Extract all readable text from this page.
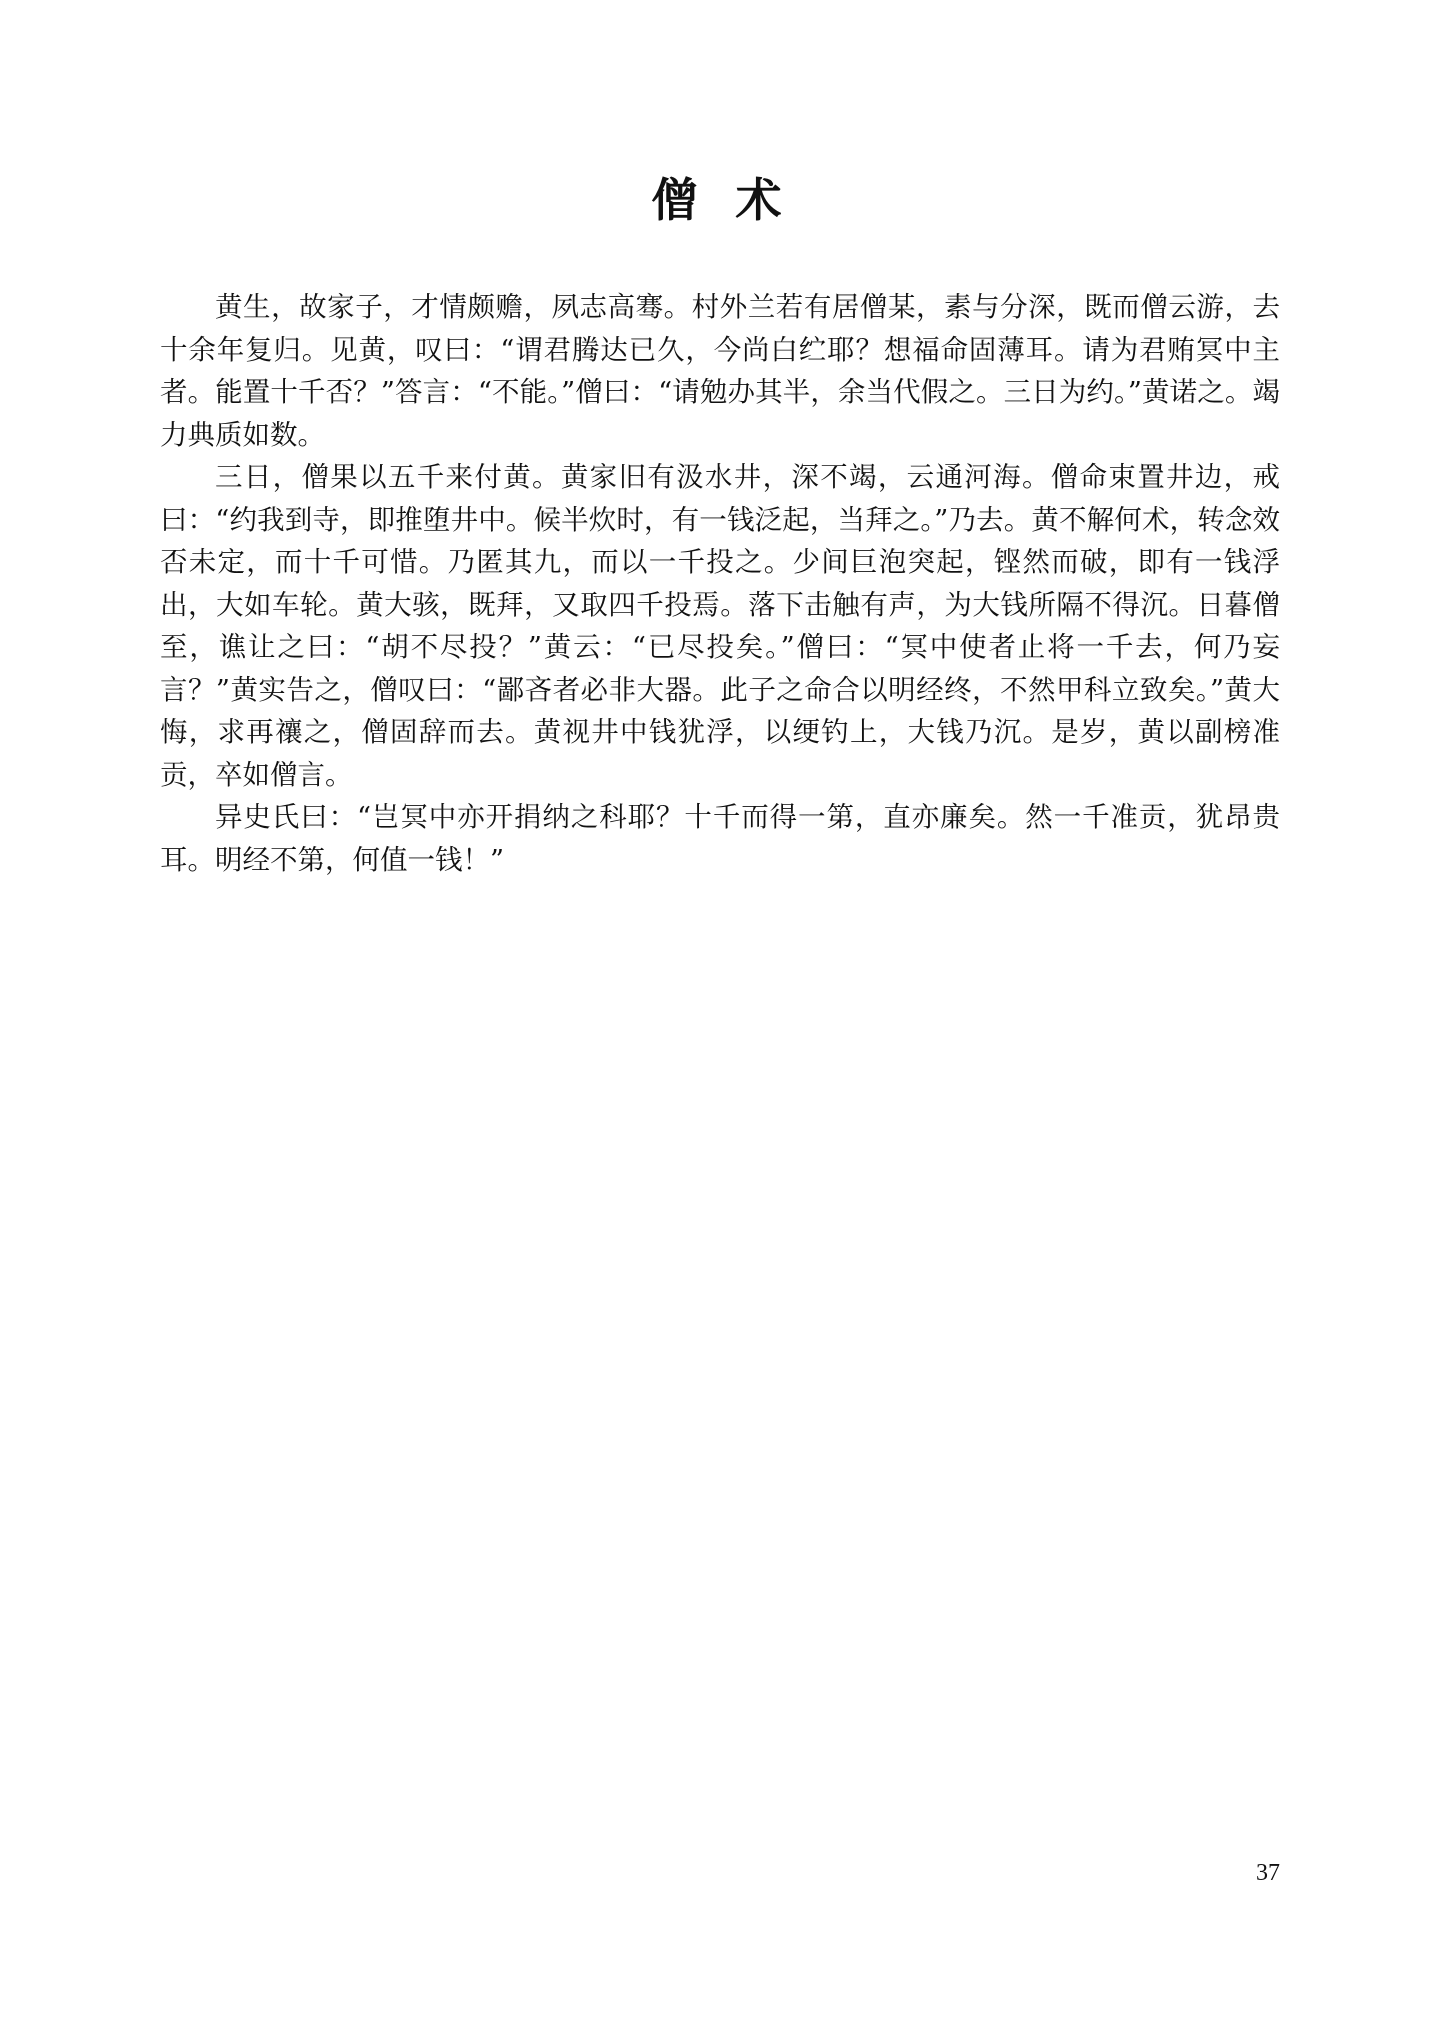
僧术

黄生，故家子，才情颇赡，夙志高骞。村外兰若有居僧某，素与分深，既而僧云游，去十余年复归。见黄，叹曰：“谓君腾达已久，今尚白纻耶？想福命固薄耳。请为君贿冥中主者。能置十千否？”答言：“不能。”僧曰：“请勉办其半，余当代假之。三日为约。”黄诺之。竭力典质如数。

三日，僧果以五千来付黄。黄家旧有汲水井，深不竭，云通河海。僧命束置井边，戒曰：“约我到寺，即推堕井中。候半炊时，有一钱泛起，当拜之。”乃去。黄不解何术，转念效否未定，而十千可惜。乃匿其九，而以一千投之。少间巨泡突起，铿然而破，即有一钱浮出，大如车轮。黄大骇，既拜，又取四千投焉。落下击触有声，为大钱所隔不得沉。日暮僧至，谯让之曰：“胡不尽投？”黄云：“已尽投矣。”僧曰：“冥中使者止将一千去，何乃妄言？”黄实告之，僧叹曰：“鄙吝者必非大器。此子之命合以明经终，不然甲科立致矣。”黄大悔，求再禳之，僧固辞而去。黄视井中钱犹浮，以绠钓上，大钱乃沉。是岁，黄以副榜准贡，卒如僧言。

异史氏曰：“岂冥中亦开捐纳之科耶？十千而得一第，直亦廉矣。然一千准贡，犹昂贵耳。明经不第，何值一钱！”

37
